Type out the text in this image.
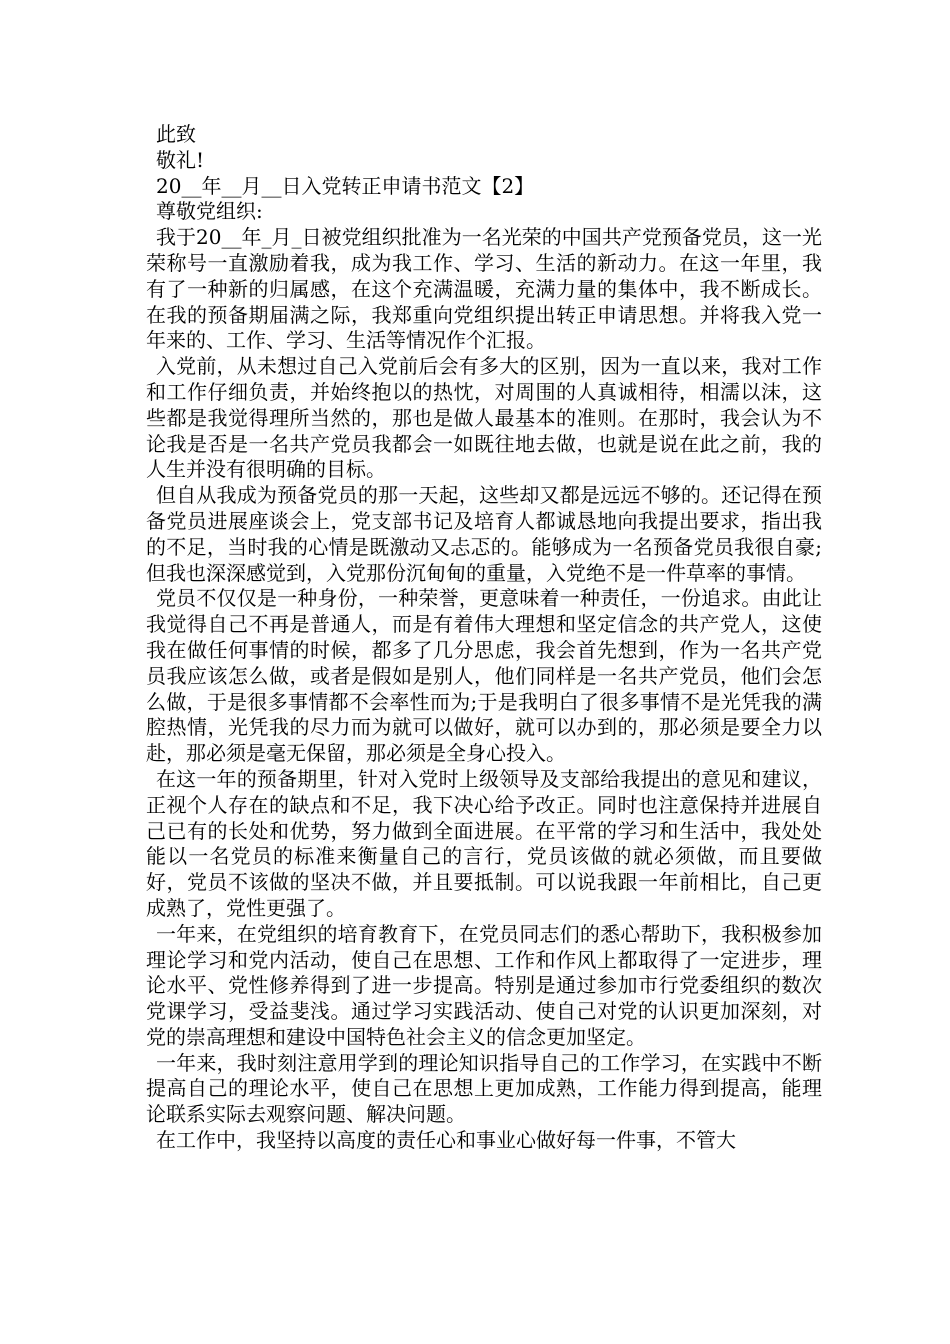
此致

敬礼!

20__年__月__日入党转正申请书范文【2】

尊敬党组织:

我于20__年_月_日被党组织批准为一名光荣的中国共产党预备党员，这一光荣称号一直激励着我，成为我工作、学习、生活的新动力。在这一年里，我有了一种新的归属感，在这个充满温暖，充满力量的集体中，我不断成长。在我的预备期届满之际，我郑重向党组织提出转正申请思想。并将我入党一年来的、工作、学习、生活等情况作个汇报。

入党前，从未想过自己入党前后会有多大的区别，因为一直以来，我对工作和工作仔细负责，并始终抱以的热忱，对周围的人真诚相待，相濡以沫，这些都是我觉得理所当然的，那也是做人最基本的准则。在那时，我会认为不论我是否是一名共产党员我都会一如既往地去做，也就是说在此之前，我的人生并没有很明确的目标。

但自从我成为预备党员的那一天起，这些却又都是远远不够的。还记得在预备党员进展座谈会上，党支部书记及培育人都诚恳地向我提出要求，指出我的不足，当时我的心情是既激动又忐忑的。能够成为一名预备党员我很自豪;但我也深深感觉到，入党那份沉甸甸的重量，入党绝不是一件草率的事情。

党员不仅仅是一种身份，一种荣誉，更意味着一种责任，一份追求。由此让我觉得自己不再是普通人，而是有着伟大理想和坚定信念的共产党人，这使我在做任何事情的时候，都多了几分思虑，我会首先想到，作为一名共产党员我应该怎么做，或者是假如是别人，他们同样是一名共产党员，他们会怎么做，于是很多事情都不会率性而为;于是我明白了很多事情不是光凭我的满腔热情，光凭我的尽力而为就可以做好，就可以办到的，那必须是要全力以赴，那必须是毫无保留，那必须是全身心投入。

在这一年的预备期里，针对入党时上级领导及支部给我提出的意见和建议，正视个人存在的缺点和不足，我下决心给予改正。同时也注意保持并进展自己已有的长处和优势，努力做到全面进展。在平常的学习和生活中，我处处能以一名党员的标准来衡量自己的言行，党员该做的就必须做，而且要做好，党员不该做的坚决不做，并且要抵制。可以说我跟一年前相比，自己更成熟了，党性更强了。

一年来，在党组织的培育教育下，在党员同志们的悉心帮助下，我积极参加理论学习和党内活动，使自己在思想、工作和作风上都取得了一定进步，理论水平、党性修养得到了进一步提高。特别是通过参加市行党委组织的数次党课学习，受益斐浅。通过学习实践活动、使自己对党的认识更加深刻，对党的崇高理想和建设中国特色社会主义的信念更加坚定。

一年来，我时刻注意用学到的理论知识指导自己的工作学习，在实践中不断提高自己的理论水平，使自己在思想上更加成熟，工作能力得到提高，能理论联系实际去观察问题、解决问题。

在工作中，我坚持以高度的责任心和事业心做好每一件事，不管大
